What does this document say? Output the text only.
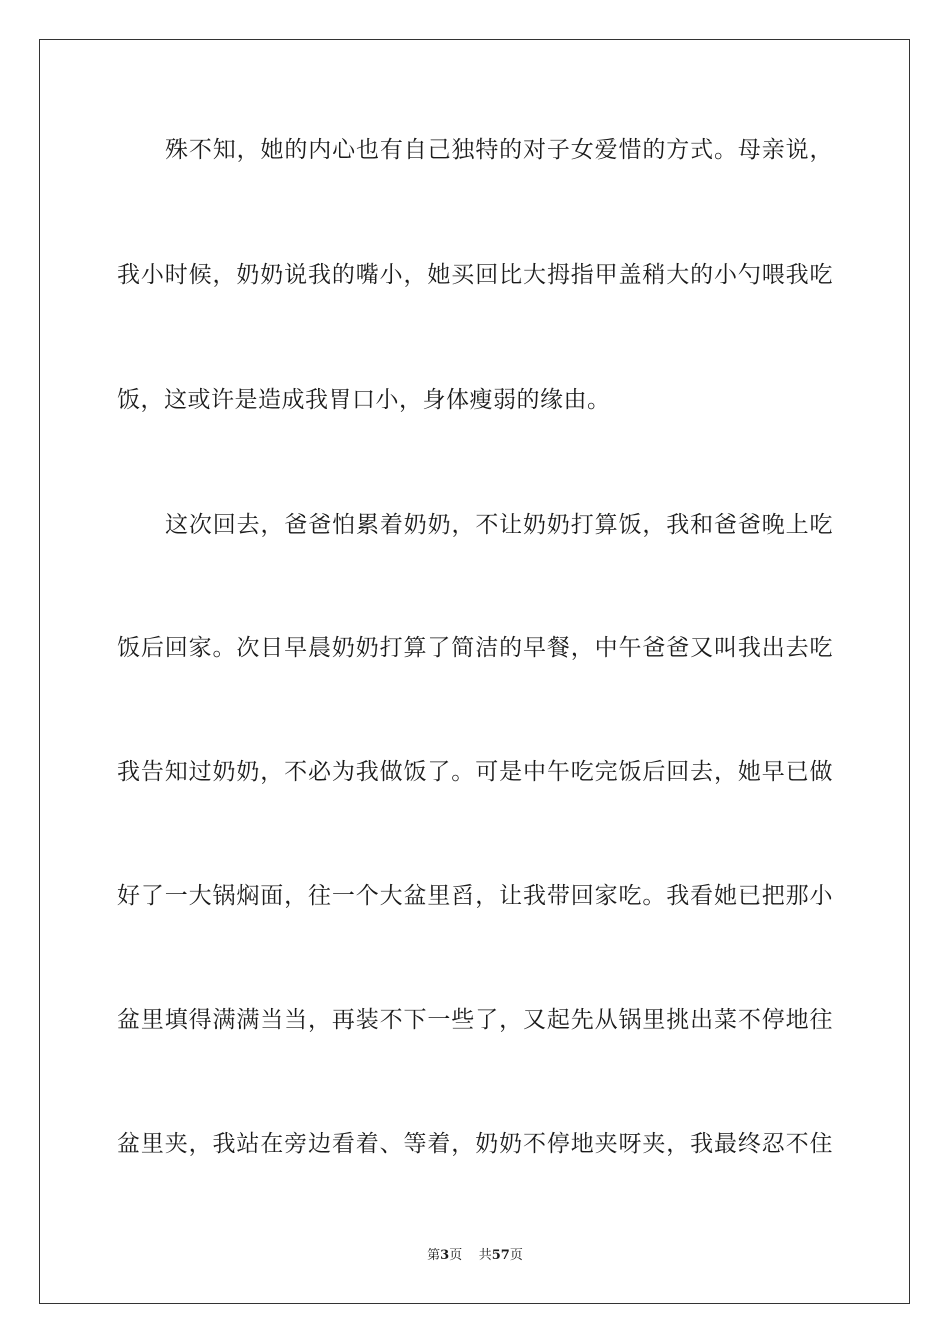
殊不知，她的内心也有自己独特的对子女爱惜的方式。母亲说，
我小时候，奶奶说我的嘴小，她买回比大拇指甲盖稍大的小勺喂我吃
饭，这或许是造成我胃口小，身体瘦弱的缘由。
这次回去，爸爸怕累着奶奶，不让奶奶打算饭，我和爸爸晚上吃
饭后回家。次日早晨奶奶打算了简洁的早餐，中午爸爸又叫我出去吃
我告知过奶奶，不必为我做饭了。可是中午吃完饭后回去，她早已做
好了一大锅焖面，往一个大盆里舀，让我带回家吃。我看她已把那小
盆里填得满满当当，再装不下一些了，又起先从锅里挑出菜不停地往
盆里夹，我站在旁边看着、等着，奶奶不停地夹呀夹，我最终忍不住
第3页 共57页
